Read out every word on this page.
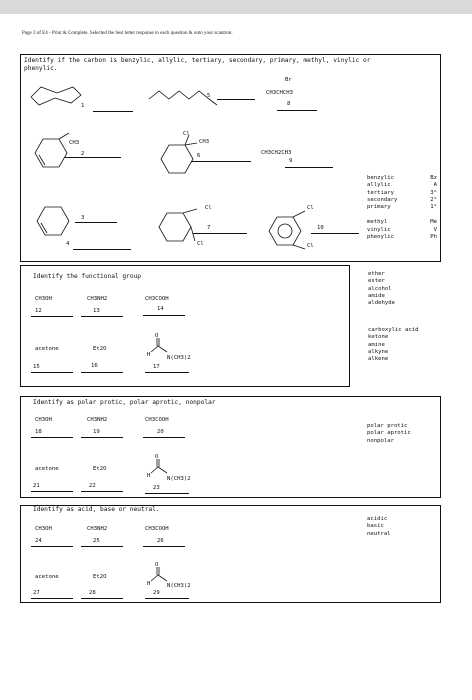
Page 3 of E4 - Print & Complete. Selected the best letter response to each question & onto your scantron.
Identify if the carbon is benzylic, allylic, tertiary, secondary, primary, methyl, vinylic or phenylic.
1
5
Br
CH3CHCH3
8
CH3
2
Cl
CH3
6	CH3CH2CH3
9
3
4
Cl
7
Cl
Cl
10
Cl
benzylic	Bz
allylic	A
tertiary	3°
secondary	2°
primary	1°
methyl	Me
vinylic	V
phenylic	Ph
Identify the functional group
CH3OH
12
CH3NH2
13
CH3COOH
14
acetone
15
Et2O
16
O
H	N(CH3)2
17
ether
ester
alcohol
amide
aldehyde
carboxylic acid
ketone
amine
alkyne
alkene
Identify as polar protic, polar aprotic, nonpolar
CH3OH
18
CH3NH2
19
CH3COOH
20
acetone
21
Et2O
22
O
H	N(CH3)2
23
polar protic
polar aprotic
nonpolar
Identify as acid, base or neutral.
CH3OH
24
CH3NH2
25
CH3COOH
26
acetone
27
Et2O
28
O
H	N(CH3)2
29
acidic
basic
neutral
